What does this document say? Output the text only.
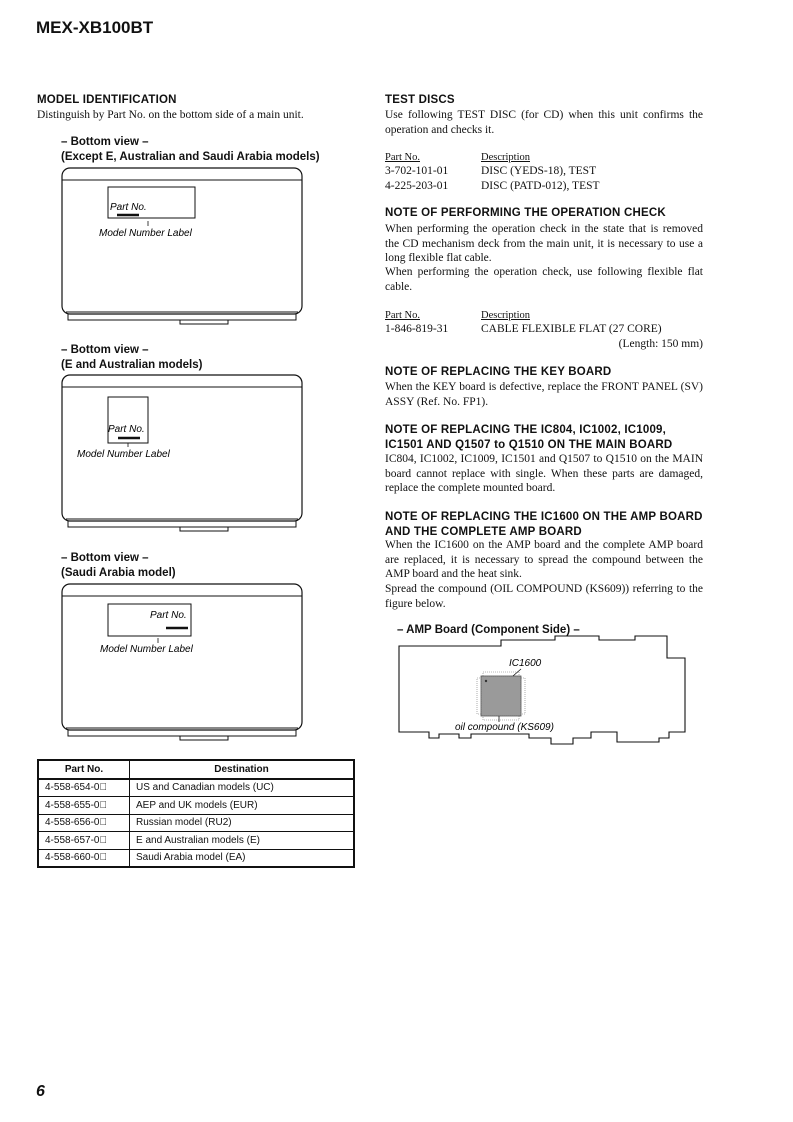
MEX-XB100BT
MODEL IDENTIFICATION
Distinguish by Part No. on the bottom side of a main unit.
– Bottom view –
(Except E, Australian and Saudi Arabia models)
Part No.
Model Number Label
– Bottom view –
(E and Australian models)
Part No.
Model Number Label
– Bottom view –
(Saudi Arabia model)
Part No.
Model Number Label
Part No.	Destination
4-558-654-0	US and Canadian models (UC)
4-558-655-0	AEP and UK models (EUR)
4-558-656-0	Russian model (RU2)
4-558-657-0	E and Australian models (E)
4-558-660-0	Saudi Arabia model (EA)
TEST DISCS
Use following TEST DISC (for CD) when this unit confirms the operation and checks it.
Part No.	Description
3-702-101-01	DISC (YEDS-18), TEST
4-225-203-01	DISC (PATD-012), TEST
NOTE OF PERFORMING THE OPERATION CHECK
When performing the operation check in the state that is removed the CD mechanism deck from the main unit, it is necessary to use a long flexible flat cable.
When performing the operation check, use following flexible flat cable.
Part No.	Description
1-846-819-31	CABLE FLEXIBLE FLAT (27 CORE)
(Length: 150 mm)
NOTE OF REPLACING THE KEY BOARD
When the KEY board is defective, replace the FRONT PANEL (SV) ASSY (Ref. No. FP1).
NOTE OF REPLACING THE IC804, IC1002, IC1009,
IC1501 AND Q1507 to Q1510 ON THE MAIN BOARD
IC804, IC1002, IC1009, IC1501 and Q1507 to Q1510 on the MAIN board cannot replace with single. When these parts are damaged, replace the complete mounted board.
NOTE OF REPLACING THE IC1600 ON THE AMP BOARD
AND THE COMPLETE AMP BOARD
When the IC1600 on the AMP board and the complete AMP board are replaced, it is necessary to spread the compound between the AMP board and the heat sink.
Spread the compound (OIL COMPOUND (KS609)) referring to the figure below.
– AMP Board (Component Side) –
IC1600
oil compound (KS609)
6
